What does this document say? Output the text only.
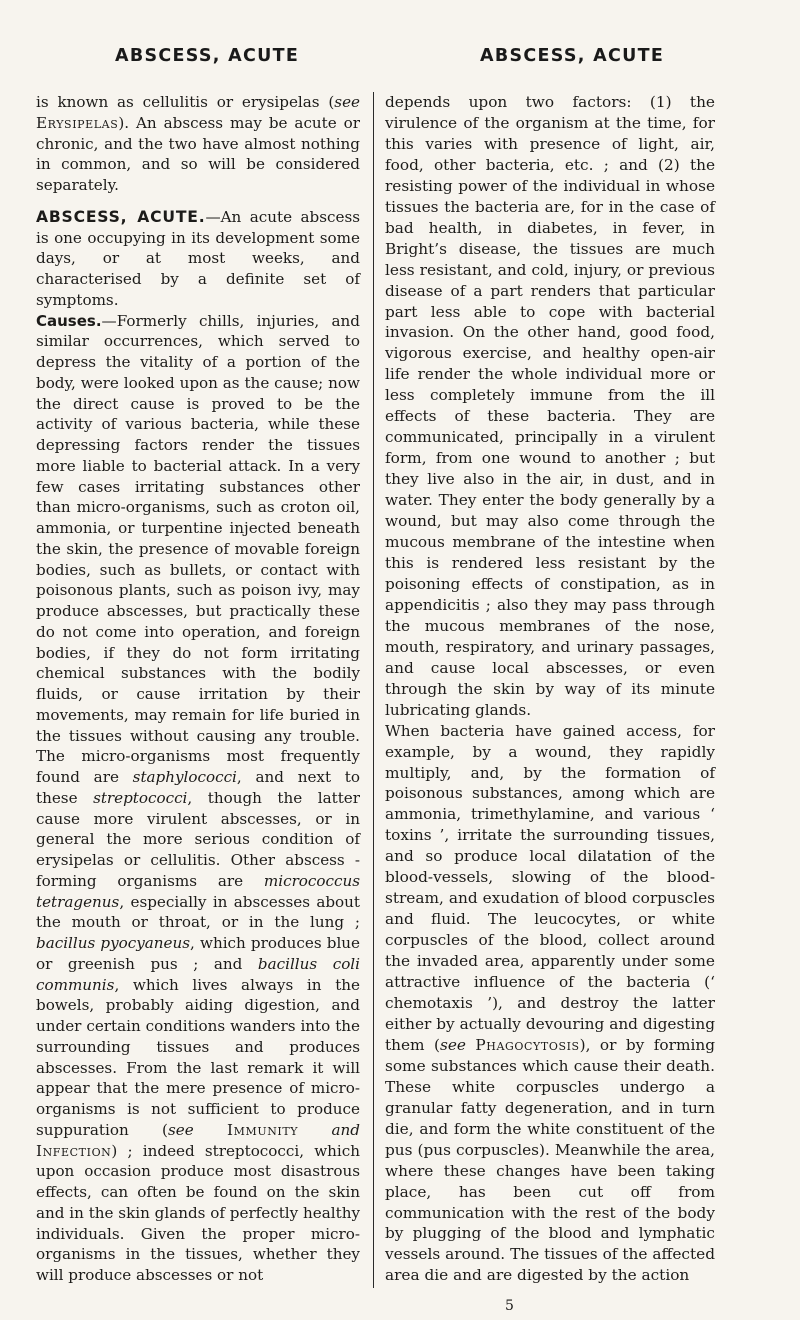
ABSCESS, ACUTE	ABSCESS, ACUTE

is known as cellulitis or erysipelas (see Erysipelas). An abscess may be acute or chronic, and the two have almost nothing in common, and so will be considered separately.

ABSCESS, ACUTE.—An acute abscess is one occupying in its development some days, or at most weeks, and characterised by a definite set of symptoms.

Causes.—Formerly chills, injuries, and similar occurrences, which served to depress the vitality of a portion of the body, were looked upon as the cause; now the direct cause is proved to be the activity of various bacteria, while these depressing factors render the tissues more liable to bacterial attack. In a very few cases irritating substances other than micro-organisms, such as croton oil, ammonia, or turpentine injected beneath the skin, the presence of movable foreign bodies, such as bullets, or contact with poisonous plants, such as poison ivy, may produce abscesses, but practically these do not come into operation, and foreign bodies, if they do not form irritating chemical substances with the bodily fluids, or cause irritation by their movements, may remain for life buried in the tissues without causing any trouble. The micro-organisms most frequently found are staphylococci, and next to these streptococci, though the latter cause more virulent abscesses, or in general the more serious condition of erysipelas or cellulitis. Other abscess - forming organisms are micrococcus tetragenus, especially in abscesses about the mouth or throat, or in the lung ; bacillus pyocyaneus, which produces blue or greenish pus ; and bacillus coli communis, which lives always in the bowels, probably aiding digestion, and under certain conditions wanders into the surrounding tissues and produces abscesses. From the last remark it will appear that the mere presence of micro-organisms is not sufficient to produce suppuration (see Immunity and Infection) ; indeed streptococci, which upon occasion produce most disastrous effects, can often be found on the skin and in the skin glands of perfectly healthy individuals. Given the proper micro-organisms in the tissues, whether they will produce abscesses or not

depends upon two factors: (1) the virulence of the organism at the time, for this varies with presence of light, air, food, other bacteria, etc. ; and (2) the resisting power of the individual in whose tissues the bacteria are, for in the case of bad health, in diabetes, in fever, in Bright’s disease, the tissues are much less resistant, and cold, injury, or previous disease of a part renders that particular part less able to cope with bacterial invasion. On the other hand, good food, vigorous exercise, and healthy open-air life render the whole individual more or less completely immune from the ill effects of these bacteria. They are communicated, principally in a virulent form, from one wound to another ; but they live also in the air, in dust, and in water. They enter the body generally by a wound, but may also come through the mucous membrane of the intestine when this is rendered less resistant by the poisoning effects of constipation, as in appendicitis ; also they may pass through the mucous membranes of the nose, mouth, respiratory, and urinary passages, and cause local abscesses, or even through the skin by way of its minute lubricating glands.

When bacteria have gained access, for example, by a wound, they rapidly multiply, and, by the formation of poisonous substances, among which are ammonia, trimethylamine, and various ‘ toxins ’, irritate the surrounding tissues, and so produce local dilatation of the blood-vessels, slowing of the blood-stream, and exudation of blood corpuscles and fluid. The leucocytes, or white corpuscles of the blood, collect around the invaded area, apparently under some attractive influence of the bacteria (‘ chemotaxis ’), and destroy the latter either by actually devouring and digesting them (see Phagocytosis), or by forming some substances which cause their death. These white corpuscles undergo a granular fatty degeneration, and in turn die, and form the white constituent of the pus (pus corpuscles). Meanwhile the area, where these changes have been taking place, has been cut off from communication with the rest of the body by plugging of the blood and lymphatic vessels around. The tissues of the affected area die and are digested by the action

5
